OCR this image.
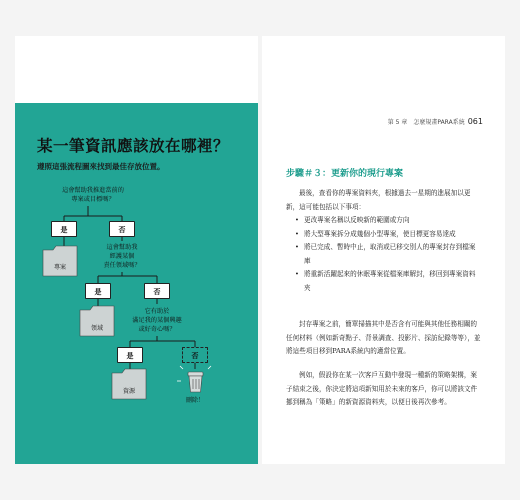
某一筆資訊應該放在哪裡？
遵照這張流程圖來找到最佳存放位置。
這會幫助我推進當前的
專案或目標嗎？
是	否
專案
這會幫助我
經護某個
責任領域嗎？
是	否
領域
它有助於
滿足我的某個興趣
或好奇心嗎？
是	否
資源
刪除！
第 5 章　怎麼規畫PARA系統 061
步驟＃３：更新你的現行專案

最後，查看你的專案資料夾，根據過去一星期的進展加以更新，這可能包括以下事項：

• 更改專案名稱以反映新的範圍或方向
• 將大型專案拆分成幾個小型專案，使目標更容易達成
• 將已完成、暫時中止，取消或已移交別人的專案封存到檔案庫
• 將重新活躍起來的休眠專案從檔案庫解封，移回到專案資料夾

封存專案之前，簡單掃描其中是否含有可能與其他任務相關的任何材料（例如新奇點子、背景調查、投影片、採訪紀錄等等），並將這些項目移到PARA系統內的適當位置。

例如，假設你在某一次客戶互動中發現一種新的策略架構，案子結束之後，你決定將這項新知用於未來的客戶，你可以將該文件挪到稱為「策略」的新資源資料夾，以便日後再次參考。
